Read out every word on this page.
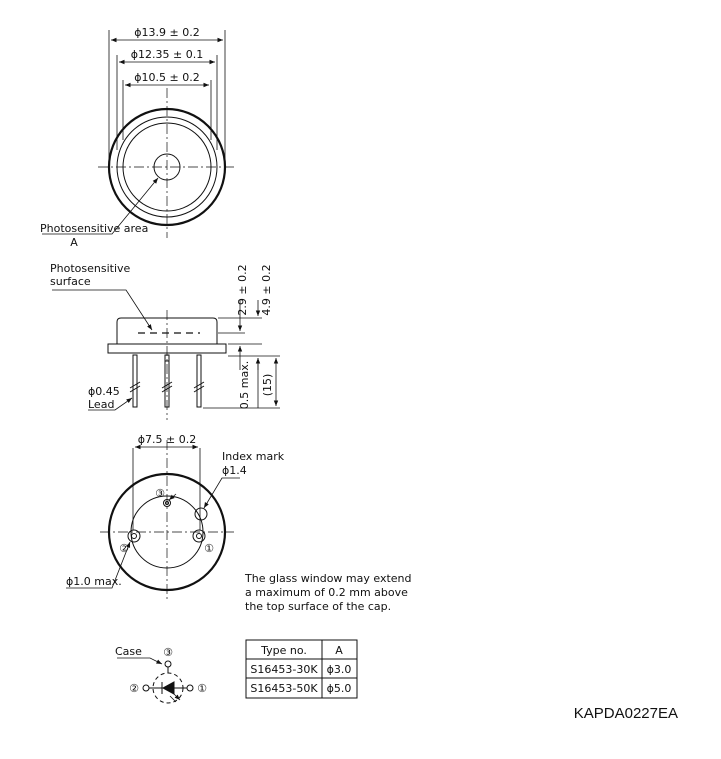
ϕ13.9 ± 0.2
ϕ12.35 ± 0.1
ϕ10.5 ± 0.2
Photosensitive area
A
Photosensitive
surface	2.9 ± 0.2 4.9 ± 0.2
0.5 max. (15)
ϕ0.45
Lead
③
②	①
ϕ7.5 ± 0.2
Index mark
ϕ1.4
ϕ1.0 max.	The glass window may extend
a maximum of 0.2 mm above
the top surface of the cap.
Case ③
②	①
Type no.	A
S16453-30K ϕ3.0
S16453-50K ϕ5.0
KAPDA0227EA
